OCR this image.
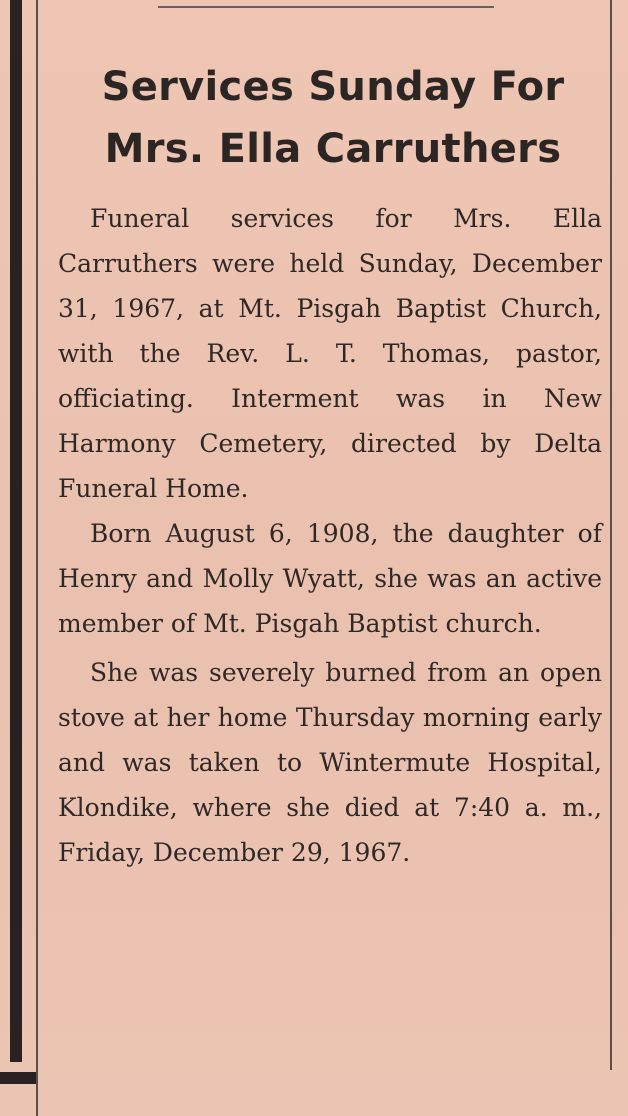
Services Sunday For
Mrs. Ella Carruthers

Funeral services for Mrs. Ella Carruthers were held Sunday, December 31, 1967, at Mt. Pisgah Baptist Church, with the Rev. L. T. Thomas, pastor, officiating. Interment was in New Harmony Cemetery, directed by Delta Funeral Home.

Born August 6, 1908, the daughter of Henry and Molly Wyatt, she was an active member of Mt. Pisgah Baptist church.

She was severely burned from an open stove at her home Thursday morning early and was taken to Wintermute Hospital, Klondike, where she died at 7:40 a. m., Friday, December 29, 1967.
